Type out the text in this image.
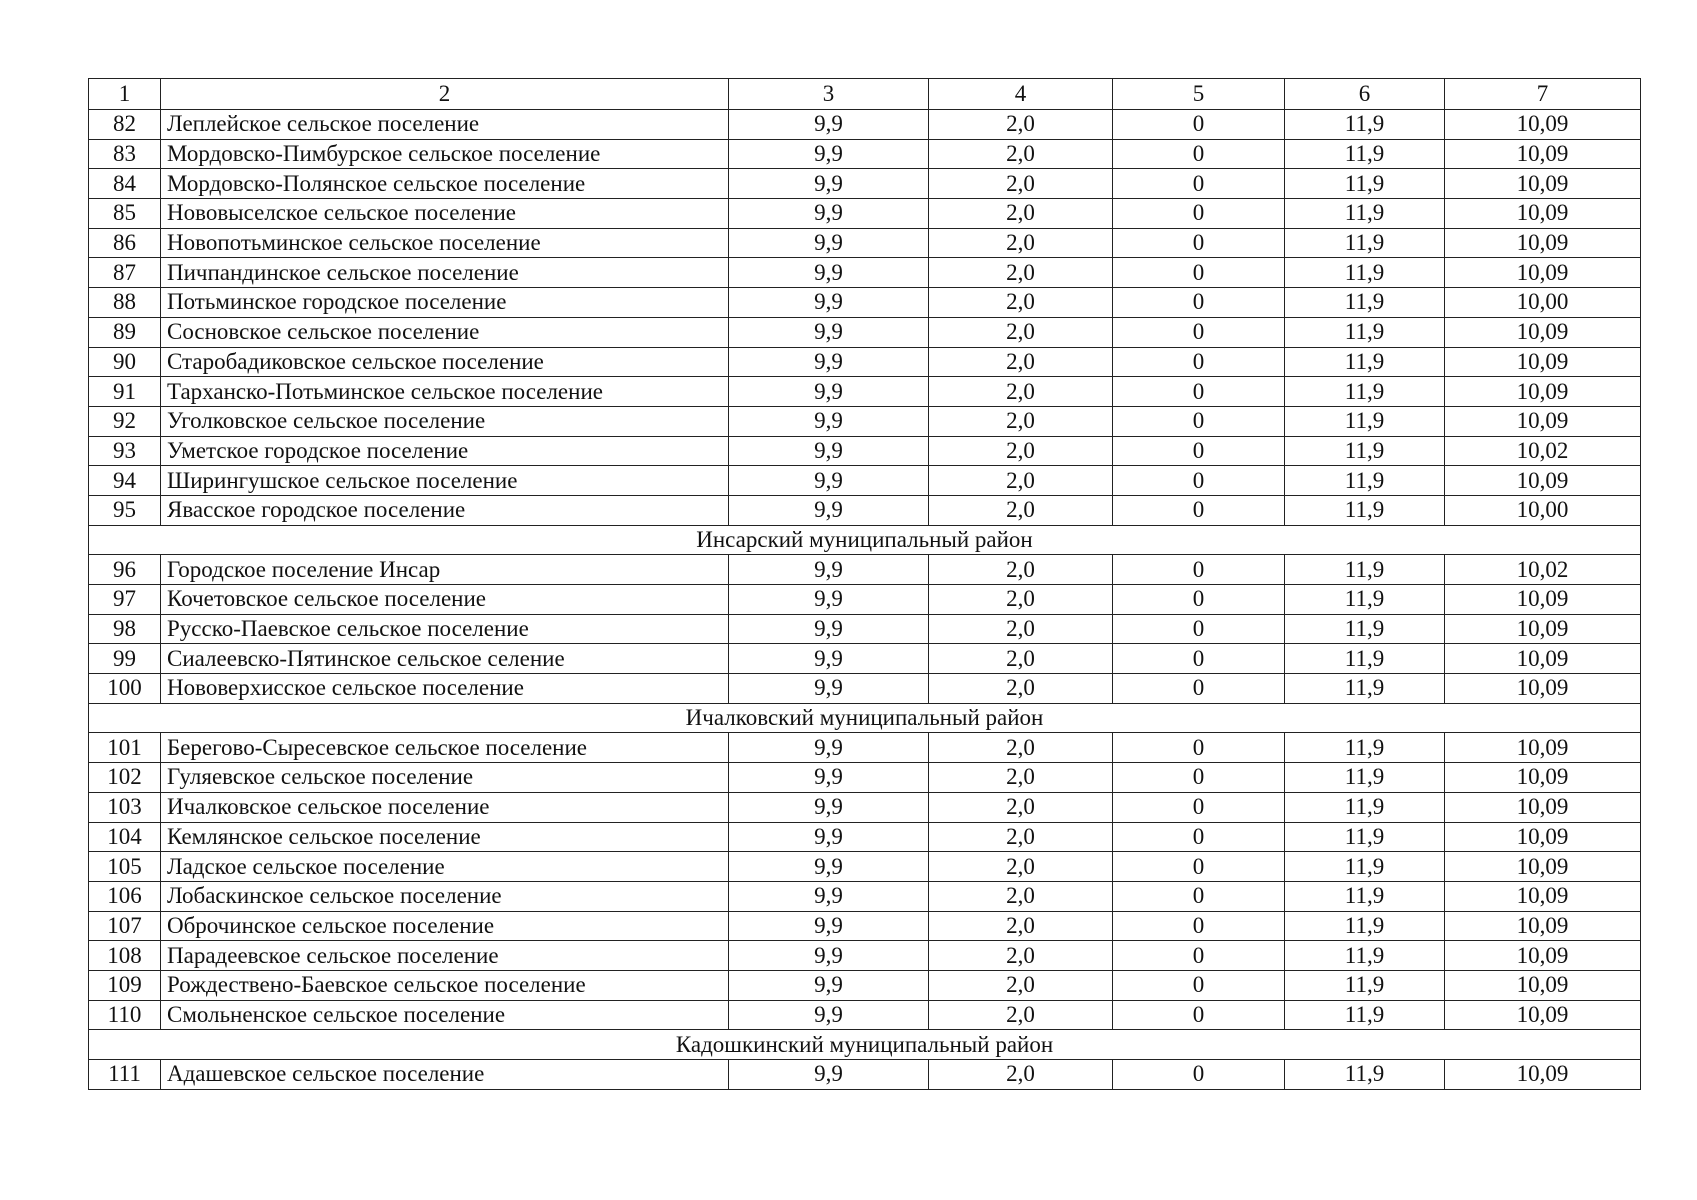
1	2	3	4	5	6	7
82	Леплейское сельское поселение	9,9	2,0	0	11,9	10,09
83	Мордовско-Пимбурское сельское поселение	9,9	2,0	0	11,9	10,09
84	Мордовско-Полянское сельское поселение	9,9	2,0	0	11,9	10,09
85	Нововыселское сельское поселение	9,9	2,0	0	11,9	10,09
86	Новопотьминское сельское поселение	9,9	2,0	0	11,9	10,09
87	Пичпандинское сельское поселение	9,9	2,0	0	11,9	10,09
88	Потьминское городское поселение	9,9	2,0	0	11,9	10,00
89	Сосновское сельское поселение	9,9	2,0	0	11,9	10,09
90	Старобадиковское сельское поселение	9,9	2,0	0	11,9	10,09
91	Тарханско-Потьминское сельское поселение	9,9	2,0	0	11,9	10,09
92	Уголковское сельское поселение	9,9	2,0	0	11,9	10,09
93	Уметское городское поселение	9,9	2,0	0	11,9	10,02
94	Ширингушское сельское поселение	9,9	2,0	0	11,9	10,09
95	Явасское городское поселение	9,9	2,0	0	11,9	10,00
Инсарский муниципальный район						
96	Городское поселение Инсар	9,9	2,0	0	11,9	10,02
97	Кочетовское сельское поселение	9,9	2,0	0	11,9	10,09
98	Русско-Паевское сельское поселение	9,9	2,0	0	11,9	10,09
99	Сиалеевско-Пятинское сельское селение	9,9	2,0	0	11,9	10,09
100	Нововерхисское сельское поселение	9,9	2,0	0	11,9	10,09
Ичалковский муниципальный район						
101	Берегово-Сыресевское сельское поселение	9,9	2,0	0	11,9	10,09
102	Гуляевское сельское поселение	9,9	2,0	0	11,9	10,09
103	Ичалковское сельское поселение	9,9	2,0	0	11,9	10,09
104	Кемлянское сельское поселение	9,9	2,0	0	11,9	10,09
105	Ладское сельское поселение	9,9	2,0	0	11,9	10,09
106	Лобаскинское сельское поселение	9,9	2,0	0	11,9	10,09
107	Оброчинское сельское поселение	9,9	2,0	0	11,9	10,09
108	Парадеевское сельское поселение	9,9	2,0	0	11,9	10,09
109	Рождествено-Баевское сельское поселение	9,9	2,0	0	11,9	10,09
110	Смольненское сельское поселение	9,9	2,0	0	11,9	10,09
Кадошкинский муниципальный район						
111	Адашевское сельское поселение	9,9	2,0	0	11,9	10,09
